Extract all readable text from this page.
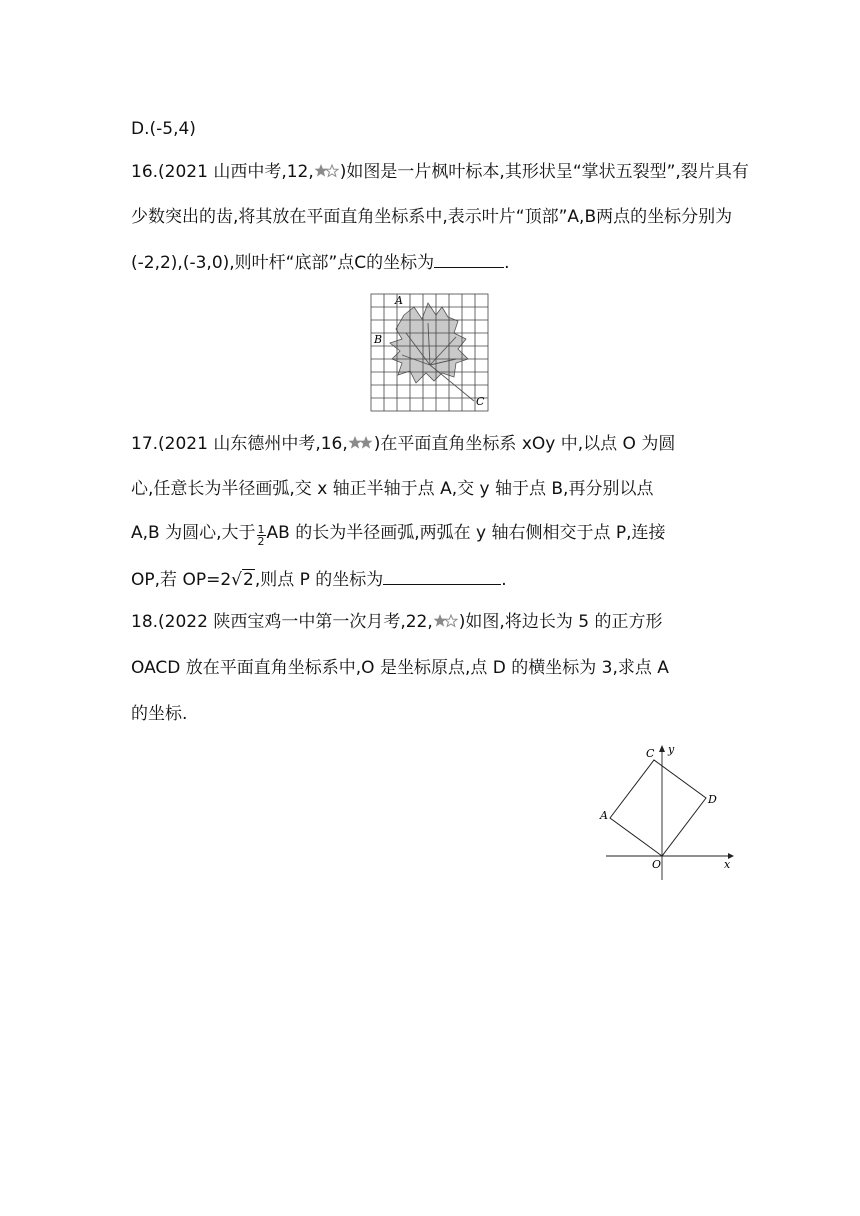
D.(-5,4)
16.(2021 山西中考,12, )如图是一片枫叶标本,其形状呈“掌状五裂型”,裂片具有
少数突出的齿,将其放在平面直角坐标系中,表示叶片“顶部”A,B两点的坐标分别为
(-2,2),(-3,0),则叶杆“底部”点C的坐标为	.
A
B
C
17.(2021 山东德州中考,16, )在平面直角坐标系 xOy 中,以点 O 为圆
心,任意长为半径画弧,交 x 轴正半轴于点 A,交 y 轴于点 B,再分别以点
A,B 为圆心,大于 $\frac{1}{2}$ AB 的长为半径画弧,两弧在 y 轴右侧相交于点 P,连接
OP,若 OP=2√2,则点 P 的坐标为	.
18.(2022 陕西宝鸡一中第一次月考,22, )如图,将边长为 5 的正方形
OACD 放在平面直角坐标系中,O 是坐标原点,点 D 的横坐标为 3,求点 A
的坐标.
C y
D
A
O	x
